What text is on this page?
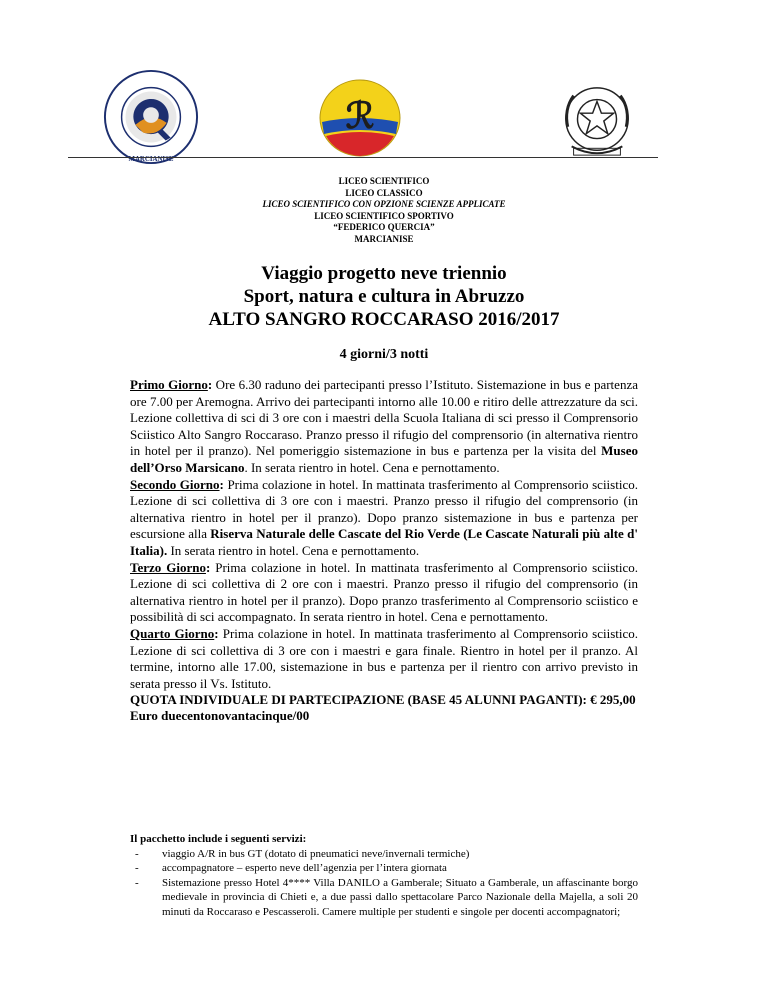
MARCIANISE
ℛ
LICEO SCIENTIFICO
LICEO CLASSICO
LICEO SCIENTIFICO CON OPZIONE SCIENZE APPLICATE
LICEO SCIENTIFICO SPORTIVO
“FEDERICO QUERCIA”
MARCIANISE
Viaggio progetto neve triennio
Sport, natura e cultura in Abruzzo
ALTO SANGRO ROCCARASO 2016/2017
4 giorni/3 notti

Primo Giorno: Ore 6.30 raduno dei partecipanti presso l’Istituto. Sistemazione in bus e partenza ore 7.00 per Aremogna. Arrivo dei partecipanti intorno alle 10.00 e ritiro delle attrezzature da sci. Lezione collettiva di sci di 3 ore con i maestri della Scuola Italiana di sci presso il Comprensorio Sciistico Alto Sangro Roccaraso. Pranzo presso il rifugio del comprensorio (in alternativa rientro in hotel per il pranzo). Nel pomeriggio sistemazione in bus e partenza per la visita del Museo dell’Orso Marsicano. In serata rientro in hotel. Cena e pernottamento.

Secondo Giorno: Prima colazione in hotel. In mattinata trasferimento al Comprensorio sciistico. Lezione di sci collettiva di 3 ore con i maestri. Pranzo presso il rifugio del comprensorio (in alternativa rientro in hotel per il pranzo). Dopo pranzo sistemazione in bus e partenza per escursione alla Riserva Naturale delle Cascate del Rio Verde (Le Cascate Naturali più alte d' Italia). In serata rientro in hotel. Cena e pernottamento.

Terzo Giorno: Prima colazione in hotel. In mattinata trasferimento al Comprensorio sciistico. Lezione di sci collettiva di 2 ore con i maestri. Pranzo presso il rifugio del comprensorio (in alternativa rientro in hotel per il pranzo). Dopo pranzo trasferimento al Comprensorio sciistico e possibilità di sci accompagnato. In serata rientro in hotel. Cena e pernottamento.

Quarto Giorno: Prima colazione in hotel. In mattinata trasferimento al Comprensorio sciistico. Lezione di sci collettiva di 3 ore con i maestri e gara finale. Rientro in hotel per il pranzo. Al termine, intorno alle 17.00, sistemazione in bus e partenza per il rientro con arrivo previsto in serata presso il Vs. Istituto.

QUOTA INDIVIDUALE DI PARTECIPAZIONE (BASE 45 ALUNNI PAGANTI): € 295,00
Euro duecentonovantacinque/00
Il pacchetto include i seguenti servizi:
- viaggio A/R in bus GT (dotato di pneumatici neve/invernali termiche)
- accompagnatore – esperto neve dell’agenzia per l’intera giornata
- Sistemazione presso Hotel 4**** Villa DANILO a Gamberale; Situato a Gamberale, un affascinante borgo medievale in provincia di Chieti e, a due passi dallo spettacolare Parco Nazionale della Majella, a soli 20 minuti da Roccaraso e Pescasseroli. Camere multiple per studenti e singole per docenti accompagnatori;
